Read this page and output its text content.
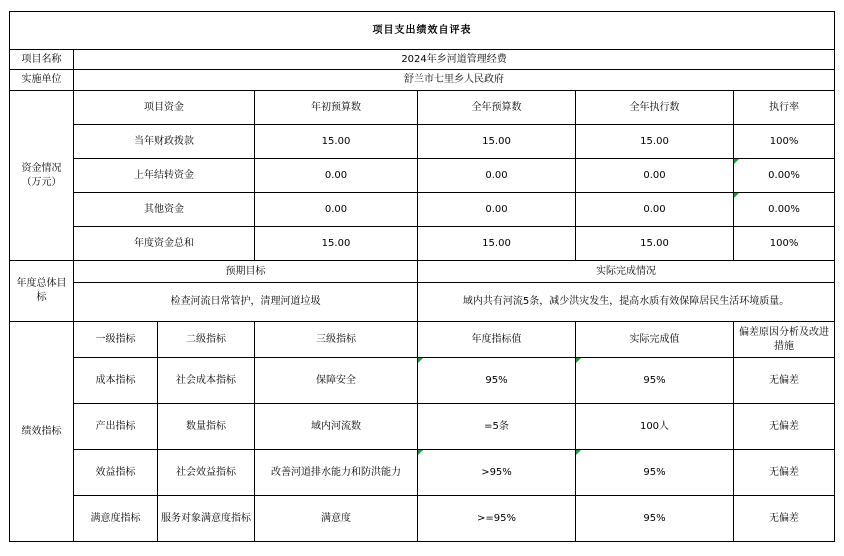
项目支出绩效自评表						
项目名称	2024年乡河道管理经费					
实施单位	舒兰市七里乡人民政府					
资金情况（万元）	项目资金		年初预算数	全年预算数	全年执行数	执行率
	当年财政拨款		15.00	15.00	15.00	100%
	上年结转资金		0.00	0.00	0.00	0.00%
	其他资金		0.00	0.00	0.00	0.00%
	年度资金总和		15.00	15.00	15.00	100%
年度总体目标	预期目标			实际完成情况		
	检查河流日常管护，清理河道垃圾			域内共有河流5条，减少洪灾发生，提高水质有效保障居民生活环境质量。		
绩效指标	一级指标	二级指标	三级指标	年度指标值	实际完成值	偏差原因分析及改进措施
	成本指标	社会成本指标	保障安全	95%	95%	无偏差
	产出指标	数量指标	域内河流数	=5条	100人	无偏差
	效益指标	社会效益指标	改善河道排水能力和防洪能力	>95%	95%	无偏差
	满意度指标	服务对象满意度指标	满意度	>=95%	95%	无偏差
